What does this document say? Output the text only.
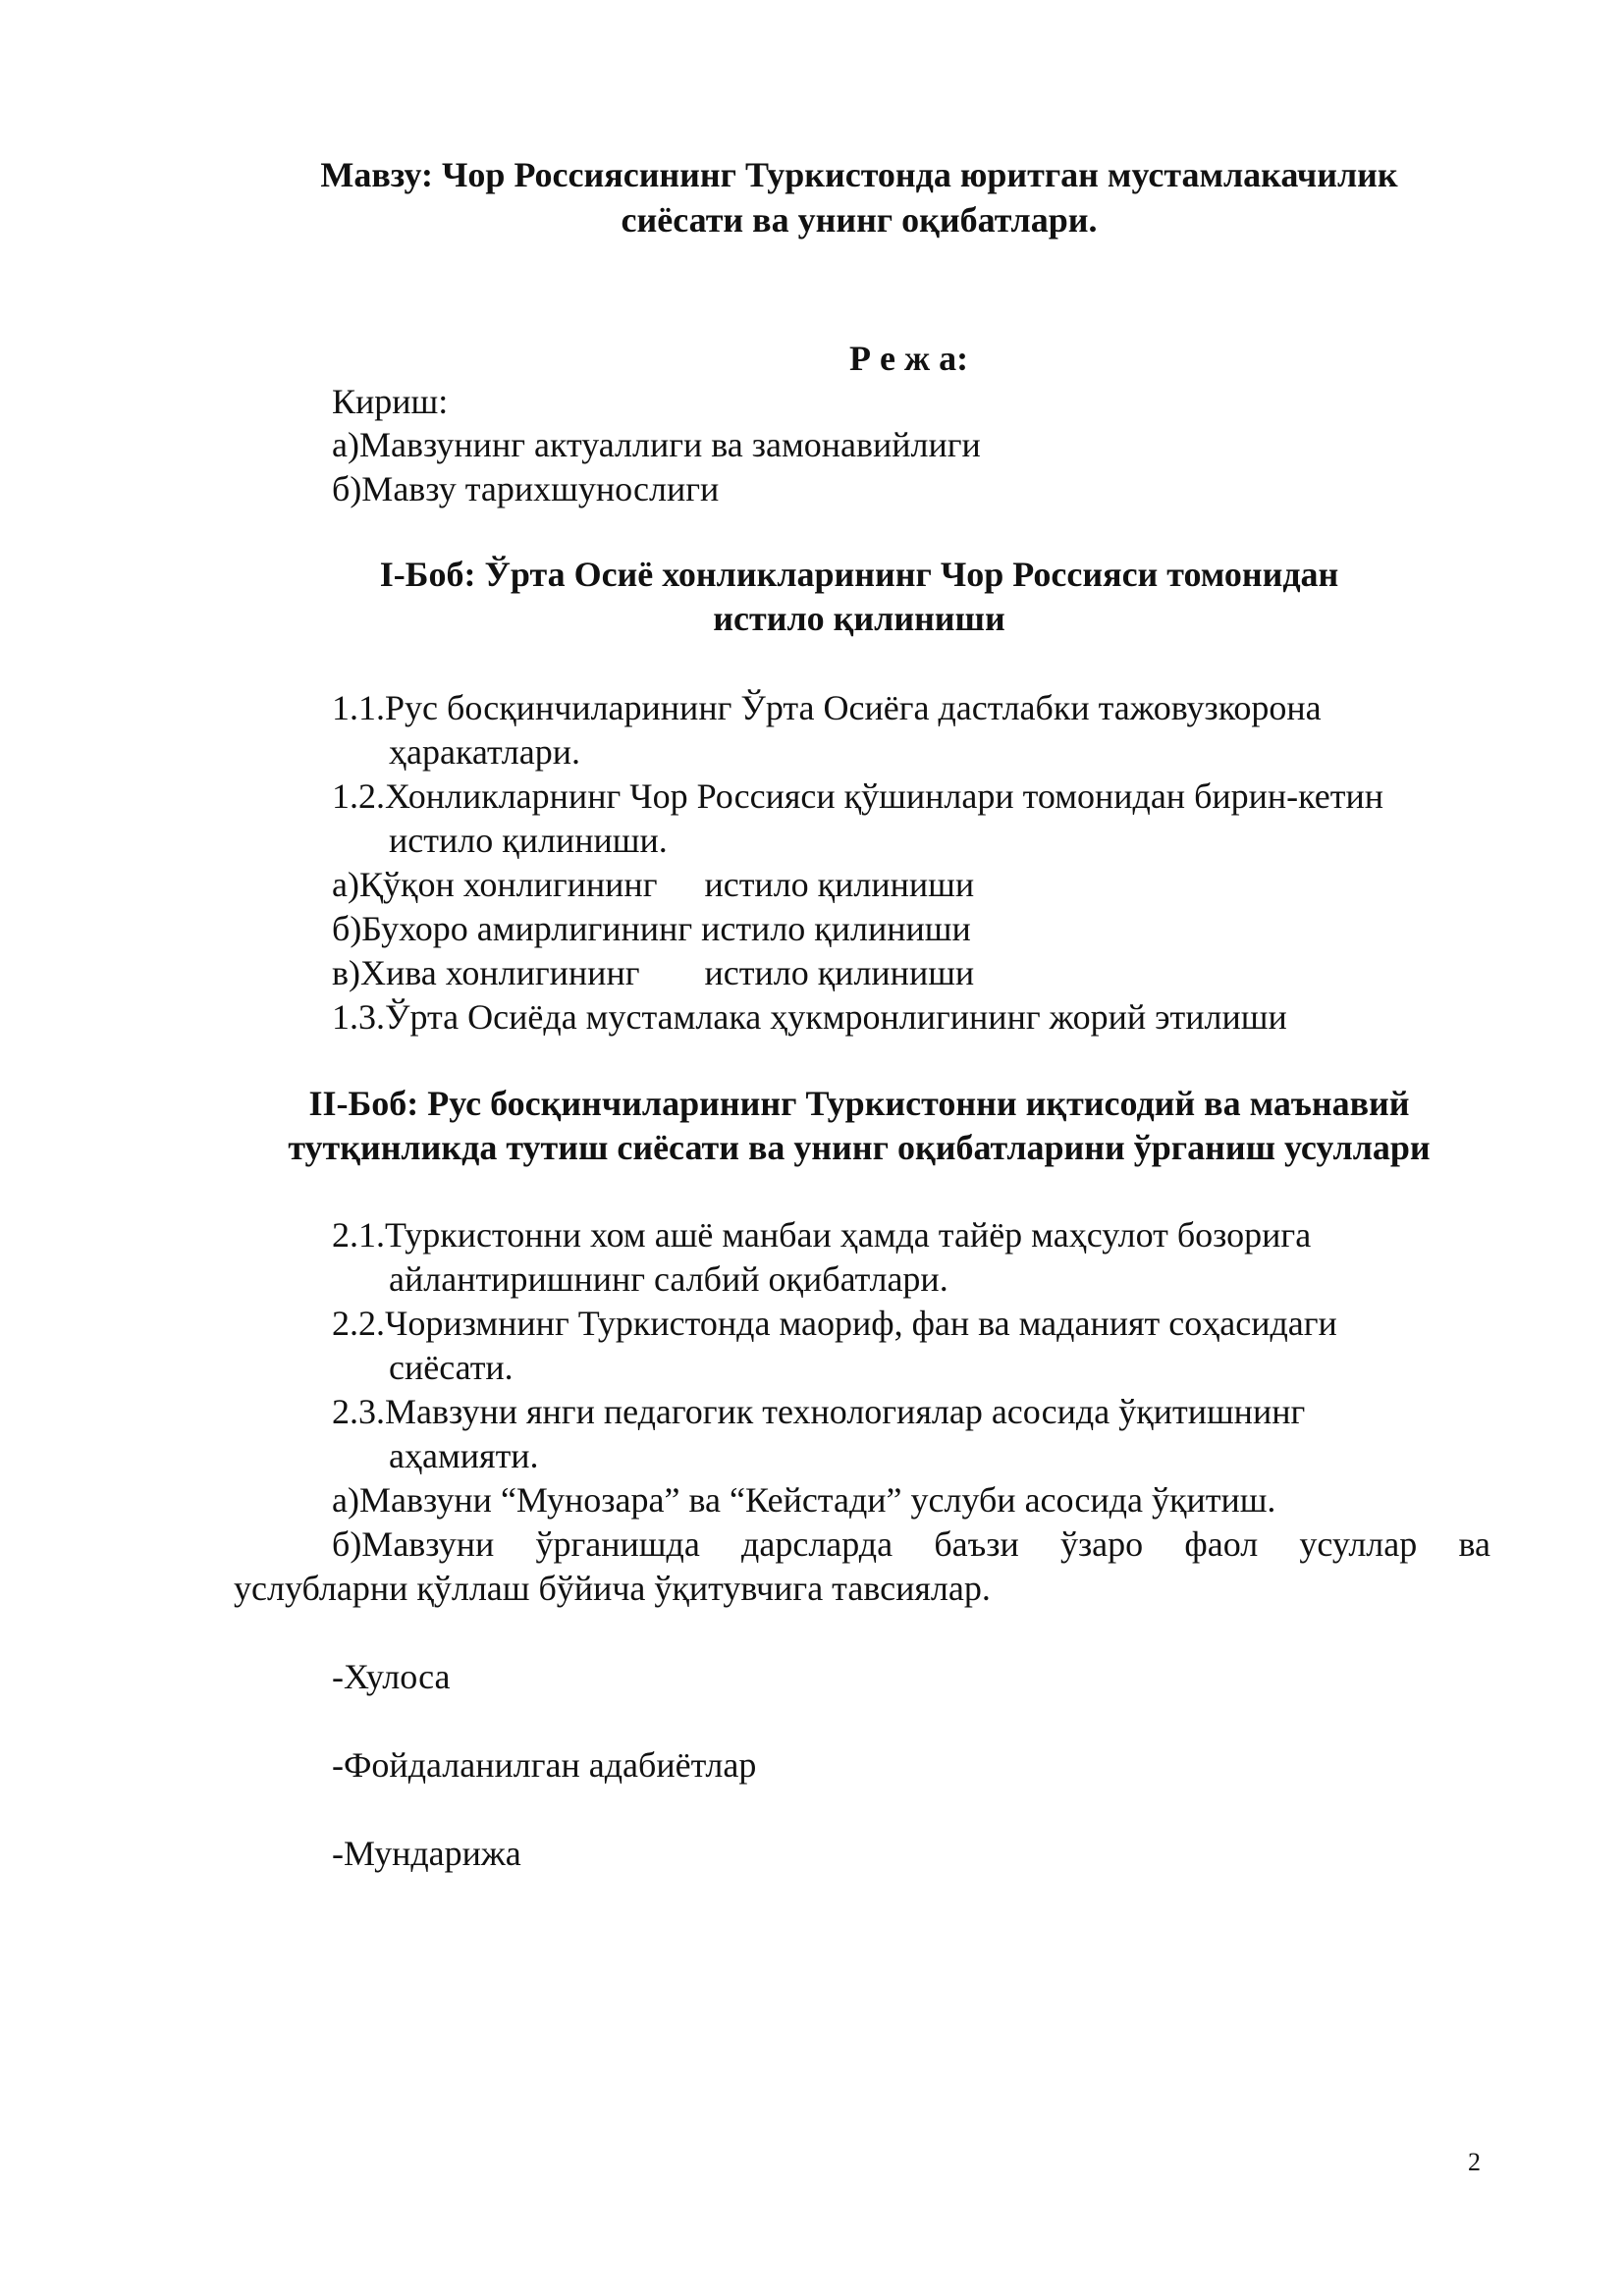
Мавзу: Чор Россиясининг Туркистонда юритган мустамлакачилик

сиёсати ва унинг оқибатлари.

Р е ж а:

Кириш:

а)Мавзунинг актуаллиги ва замонавийлиги

б)Мавзу тарихшунослиги

I-Боб: Ўрта Осиё хонликларининг Чор Россияси томонидан

истило қилиниши

1.1.Рус босқинчиларининг Ўрта Осиёга дастлабки тажовузкорона

ҳаракатлари.

1.2.Хонликларнинг Чор Россияси қўшинлари томонидан бирин-кетин

истило қилиниши.

а)Қўқон хонлигининг истило қилиниши

б)Бухоро амирлигининг истило қилиниши

в)Хива хонлигининг истило қилиниши

1.3.Ўрта Осиёда мустамлака ҳукмронлигининг жорий этилиши

II-Боб: Рус босқинчиларининг Туркистонни иқтисодий ва маънавий

тутқинликда тутиш сиёсати ва унинг оқибатларини ўрганиш усуллари

2.1.Туркистонни хом ашё манбаи ҳамда тайёр маҳсулот бозорига

айлантиришнинг салбий оқибатлари.

2.2.Чоризмнинг Туркистонда маориф, фан ва маданият соҳасидаги

сиёсати.

2.3.Мавзуни янги педагогик технологиялар асосида ўқитишнинг

аҳамияти.

а)Мавзуни “Мунозара” ва “Кейстади” услуби асосида ўқитиш.

б)Мавзуни ўрганишда дарсларда баъзи ўзаро фаол усуллар ва

услубларни қўллаш бўйича ўқитувчига тавсиялар.

-Хулоса

-Фойдаланилган адабиётлар

-Мундарижа

2
